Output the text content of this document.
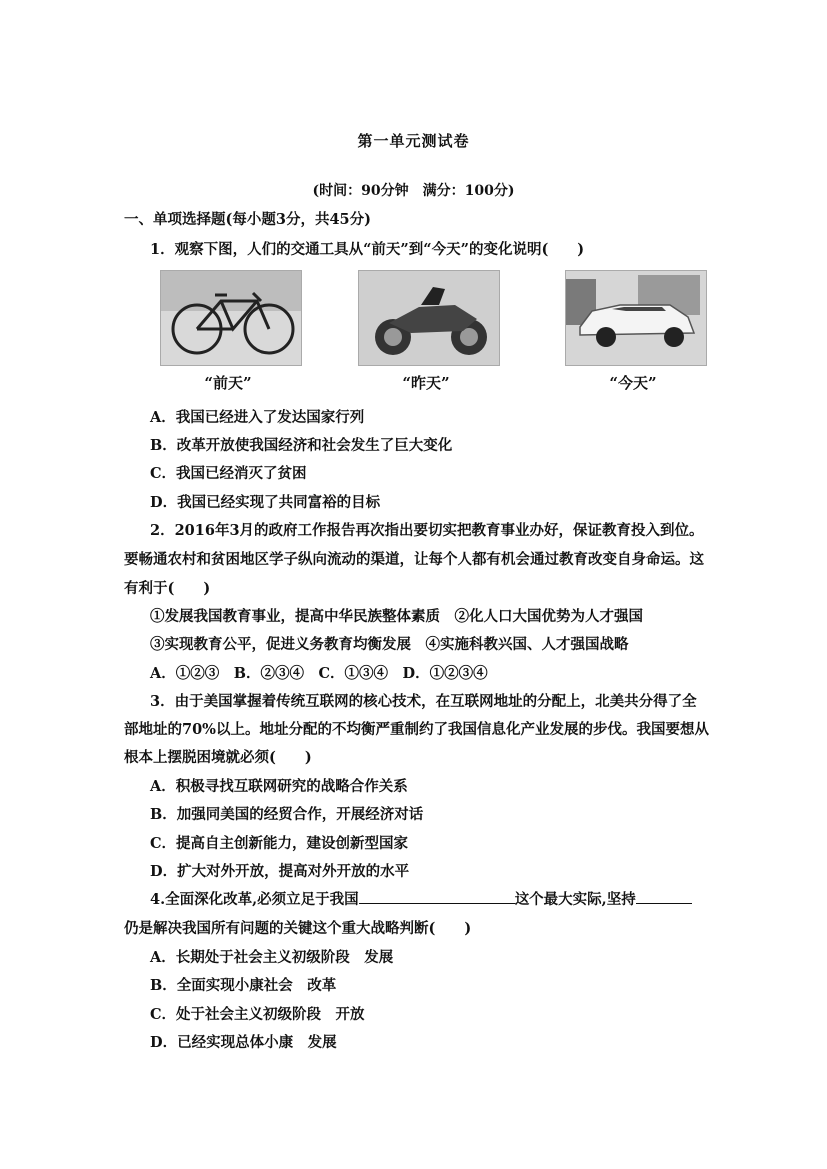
第一单元测试卷
(时间：90分钟　满分：100分)
一、单项选择题(每小题3分，共45分)
1．观察下图，人们的交通工具从“前天”到“今天”的变化说明(　　)
“前天”	“昨天”	“今天”
A．我国已经进入了发达国家行列
B．改革开放使我国经济和社会发生了巨大变化
C．我国已经消灭了贫困
D．我国已经实现了共同富裕的目标
2．2016年3月的政府工作报告再次指出要切实把教育事业办好，保证教育投入到位。
要畅通农村和贫困地区学子纵向流动的渠道，让每个人都有机会通过教育改变自身命运。这
有利于(　　)
①发展我国教育事业，提高中华民族整体素质　②化人口大国优势为人才强国
③实现教育公平，促进义务教育均衡发展　④实施科教兴国、人才强国战略
A．①②③　B．②③④　C．①③④　D．①②③④
3．由于美国掌握着传统互联网的核心技术，在互联网地址的分配上，北美共分得了全
部地址的70%以上。地址分配的不均衡严重制约了我国信息化产业发展的步伐。我国要想从
根本上摆脱困境就必须(　　)
A．积极寻找互联网研究的战略合作关系
B．加强同美国的经贸合作，开展经济对话
C．提高自主创新能力，建设创新型国家
D．扩大对外开放，提高对外开放的水平
4.全面深化改革,必须立足于我国	这个最大实际,坚持
仍是解决我国所有问题的关键这个重大战略判断(　　)
A．长期处于社会主义初级阶段　发展
B．全面实现小康社会　改革
C．处于社会主义初级阶段　开放
D．已经实现总体小康　发展
